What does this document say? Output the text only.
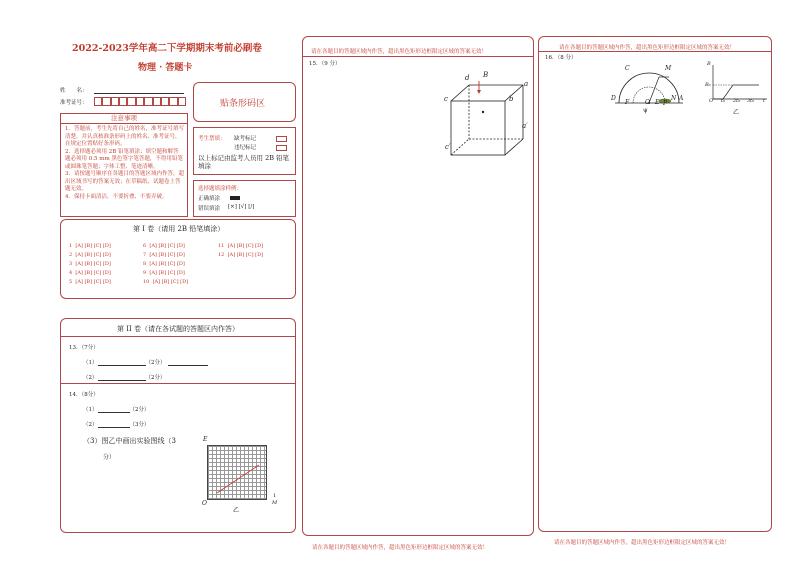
2022-2023学年高二下学期期末考前必刷卷
物理 · 答题卡
姓　　名：
准考证号：	贴条形码区
注意事项
1．答题前，考生先将自己的姓名，准考证号填写清楚，并认真核准条形码上的姓名、准考证号，在规定位置贴好条形码。
2．选择题必须用 2B 铅笔填涂；填空题和解答题必须用 0.5 mm 黑色签字笔答题，不得用铅笔或圆珠笔答题；字体工整、笔迹清晰。
3．请按题号顺序在各题目的答题区域内作答，超出区域书写的答案无效；在草稿纸、试题卷上答题无效。
4．保持卡面清洁，不要折叠、不要弄破。
考生禁填： 缺考标记
违纪标记
以上标记由监考人员用 2B 铅笔填涂
选择题填涂样例：
正确填涂
错误填涂 [×] [√] [/]
第 I 卷（请用 2B 铅笔填涂）
1 [A] [B] [C] [D]
2 [A] [B] [C] [D]
3 [A] [B] [C] [D]
4 [A] [B] [C] [D]
5 [A] [B] [C] [D]
6 [A] [B] [C] [D]
7 [A] [B] [C] [D]
8 [A] [B] [C] [D]
9 [A] [B] [C] [D]
10 [A] [B] [C] [D]
11 [A] [B] [C] [D]
12 [A] [B] [C] [D]
第 II 卷（请在各试题的答题区内作答）
13．（7分）
（1）	（2分）
（2）	（2分）
14．（8分）
（1）	（2分）
（2）	（3分）
（3）图乙中画出实验图线（3
分）
E
O
1
M
乙
请在各题目的答题区域内作答，超出黑色矩形边框限定区域的答案无效！
15．（9 分）
d B
a
c	b
a′
c′
请在各题目的答题区域内作答，超出黑色矩形边框限定区域的答案无效！
请在各题目的答题区域内作答，超出黑色矩形边框限定区域的答案无效！
16．（8 分）
C	M
D
F	O E P
N A
ψ
B
B₀
O t₀ 2t₀ 3t₀ t
乙
请在各题目的答题区域内作答，超出黑色矩形边框限定区域的答案无效！
